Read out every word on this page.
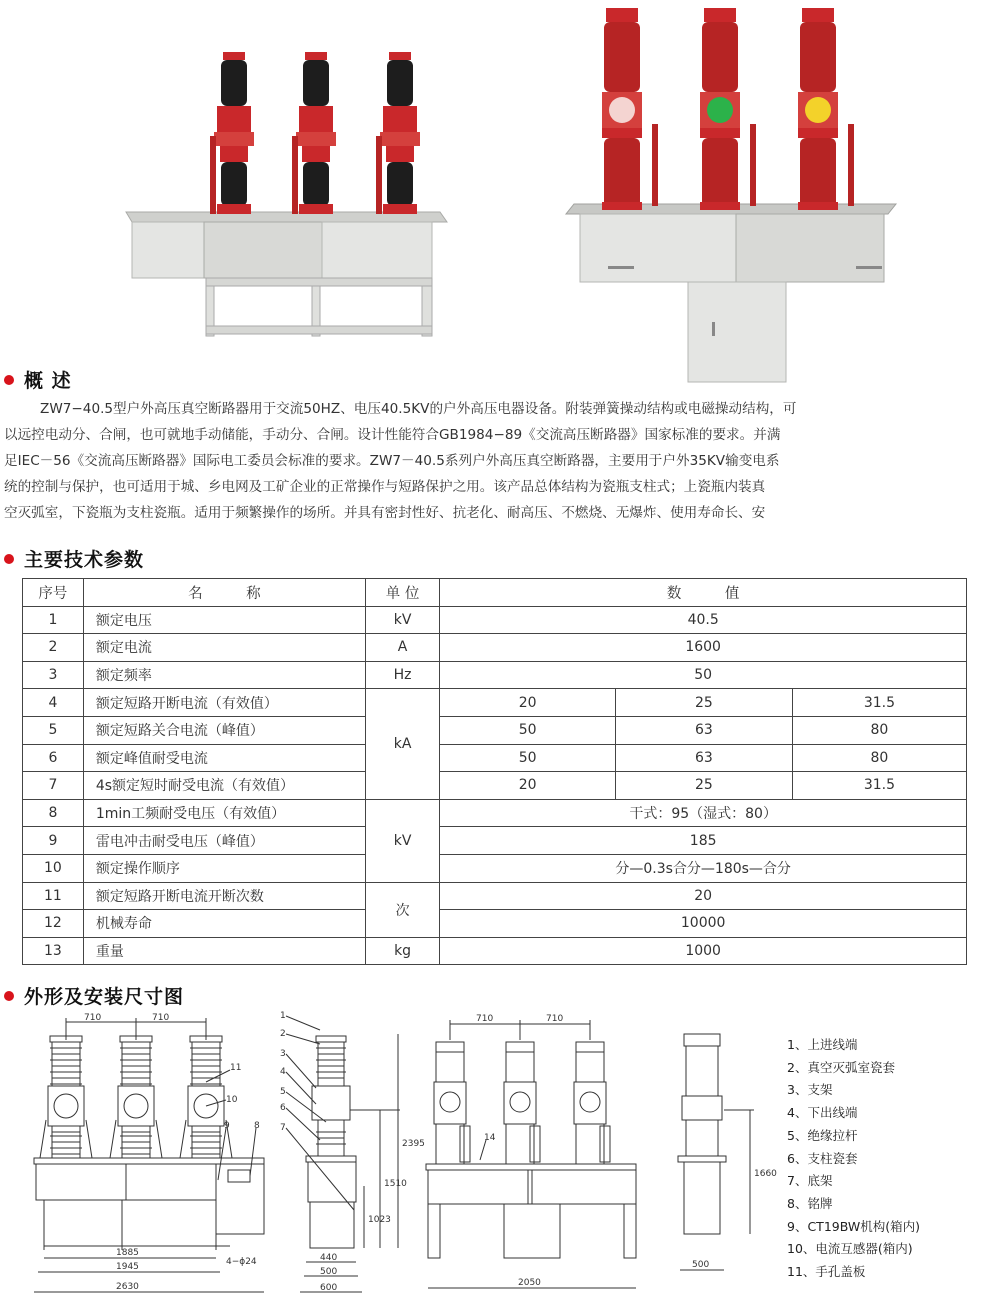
概 述
ZW7−40.5型户外高压真空断路器用于交流50HZ、电压40.5KV的户外高压电器设备。附装弹簧操动结构或电磁操动结构，可
以远控电动分、合闸，也可就地手动储能，手动分、合闸。设计性能符合GB1984−89《交流高压断路器》国家标准的要求。并满
足IEC－56《交流高压断路器》国际电工委员会标准的要求。ZW7－40.5系列户外高压真空断路器，主要用于户外35KV输变电系
统的控制与保护，也可适用于城、乡电网及工矿企业的正常操作与短路保护之用。该产品总体结构为瓷瓶支柱式；上瓷瓶内装真
空灭弧室，下瓷瓶为支柱瓷瓶。适用于频繁操作的场所。并具有密封性好、抗老化、耐高压、不燃烧、无爆炸、使用寿命长、安
主要技术参数
序号	名　　　称	单 位	数　　　值		
1	额定电压	kV	40.5		
2	额定电流	A	1600		
3	额定频率	Hz	50		
4	额定短路开断电流（有效值）	kA	20	25	31.5
5	额定短路关合电流（峰值）		50	63	80
6	额定峰值耐受电流		50	63	80
7	4s额定短时耐受电流（有效值）		20	25	31.5
8	1min工频耐受电压（有效值）	kV	干式：95（湿式：80）		
9	雷电冲击耐受电压（峰值）		185		
10	额定操作顺序		分—0.3s合分—180s—合分		
11	额定短路开断电流开断次数	次	20		
12	机械寿命		10000		
13	重量	kg	1000		
外形及安装尺寸图
710	710
1885
1945
2630
4−ϕ24
11
10
9	8
440
500
600
1023
1510
2395
1
2
3
4
5
6
7
710	710
14
2050
1660
500
1、上进线端
2、真空灭弧室瓷套
3、支架
4、下出线端
5、绝缘拉杆
6、支柱瓷套
7、底架
8、铭牌
9、CT19BW机构(箱内)
10、电流互感器(箱内)
11、手孔盖板
